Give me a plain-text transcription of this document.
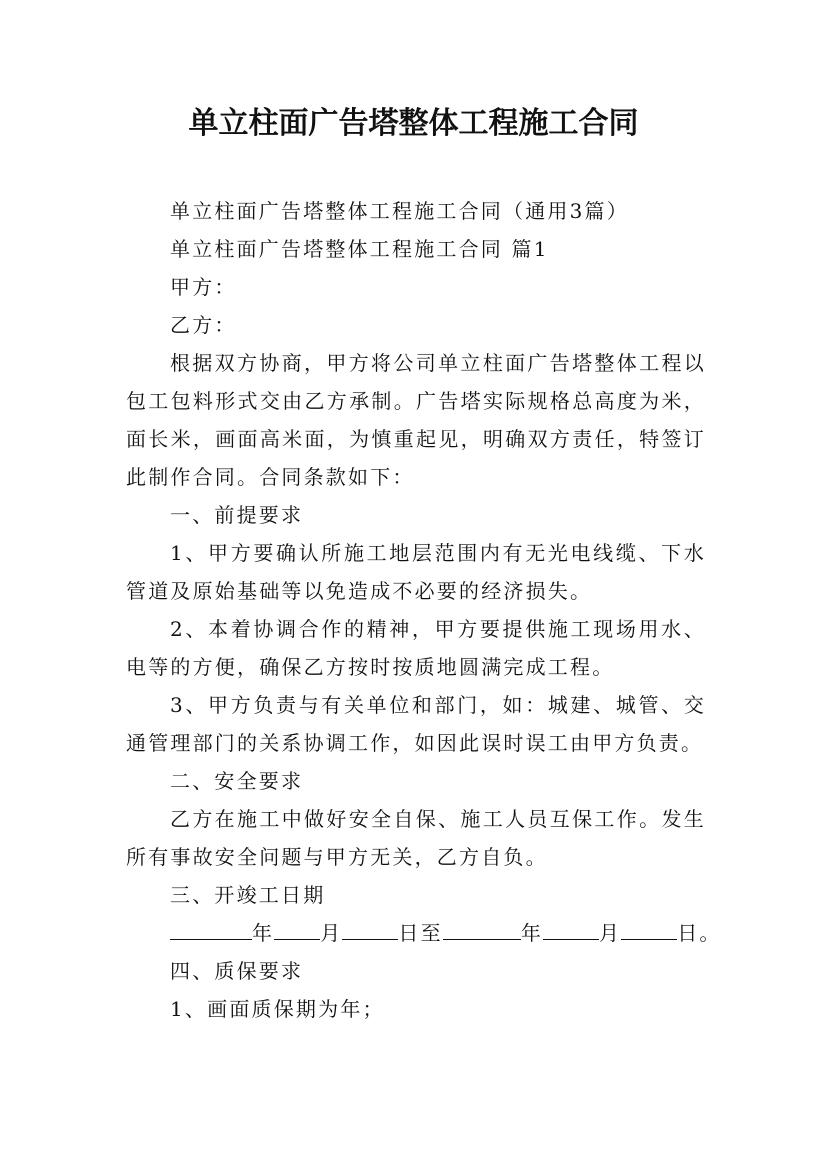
单立柱面广告塔整体工程施工合同

单立柱面广告塔整体工程施工合同（通用3篇）

单立柱面广告塔整体工程施工合同 篇1

甲方：

乙方：

根据双方协商，甲方将公司单立柱面广告塔整体工程以包工包料形式交由乙方承制。广告塔实际规格总高度为米，面长米，画面高米面，为慎重起见，明确双方责任，特签订此制作合同。合同条款如下：

一、前提要求

1、甲方要确认所施工地层范围内有无光电线缆、下水管道及原始基础等以免造成不必要的经济损失。

2、本着协调合作的精神，甲方要提供施工现场用水、电等的方便，确保乙方按时按质地圆满完成工程。

3、甲方负责与有关单位和部门，如：城建、城管、交通管理部门的关系协调工作，如因此误时误工由甲方负责。

二、安全要求

乙方在施工中做好安全自保、施工人员互保工作。发生所有事故安全问题与甲方无关，乙方自负。

三、开竣工日期

年 月	日至	年	月	日。

四、质保要求

1、画面质保期为年；
